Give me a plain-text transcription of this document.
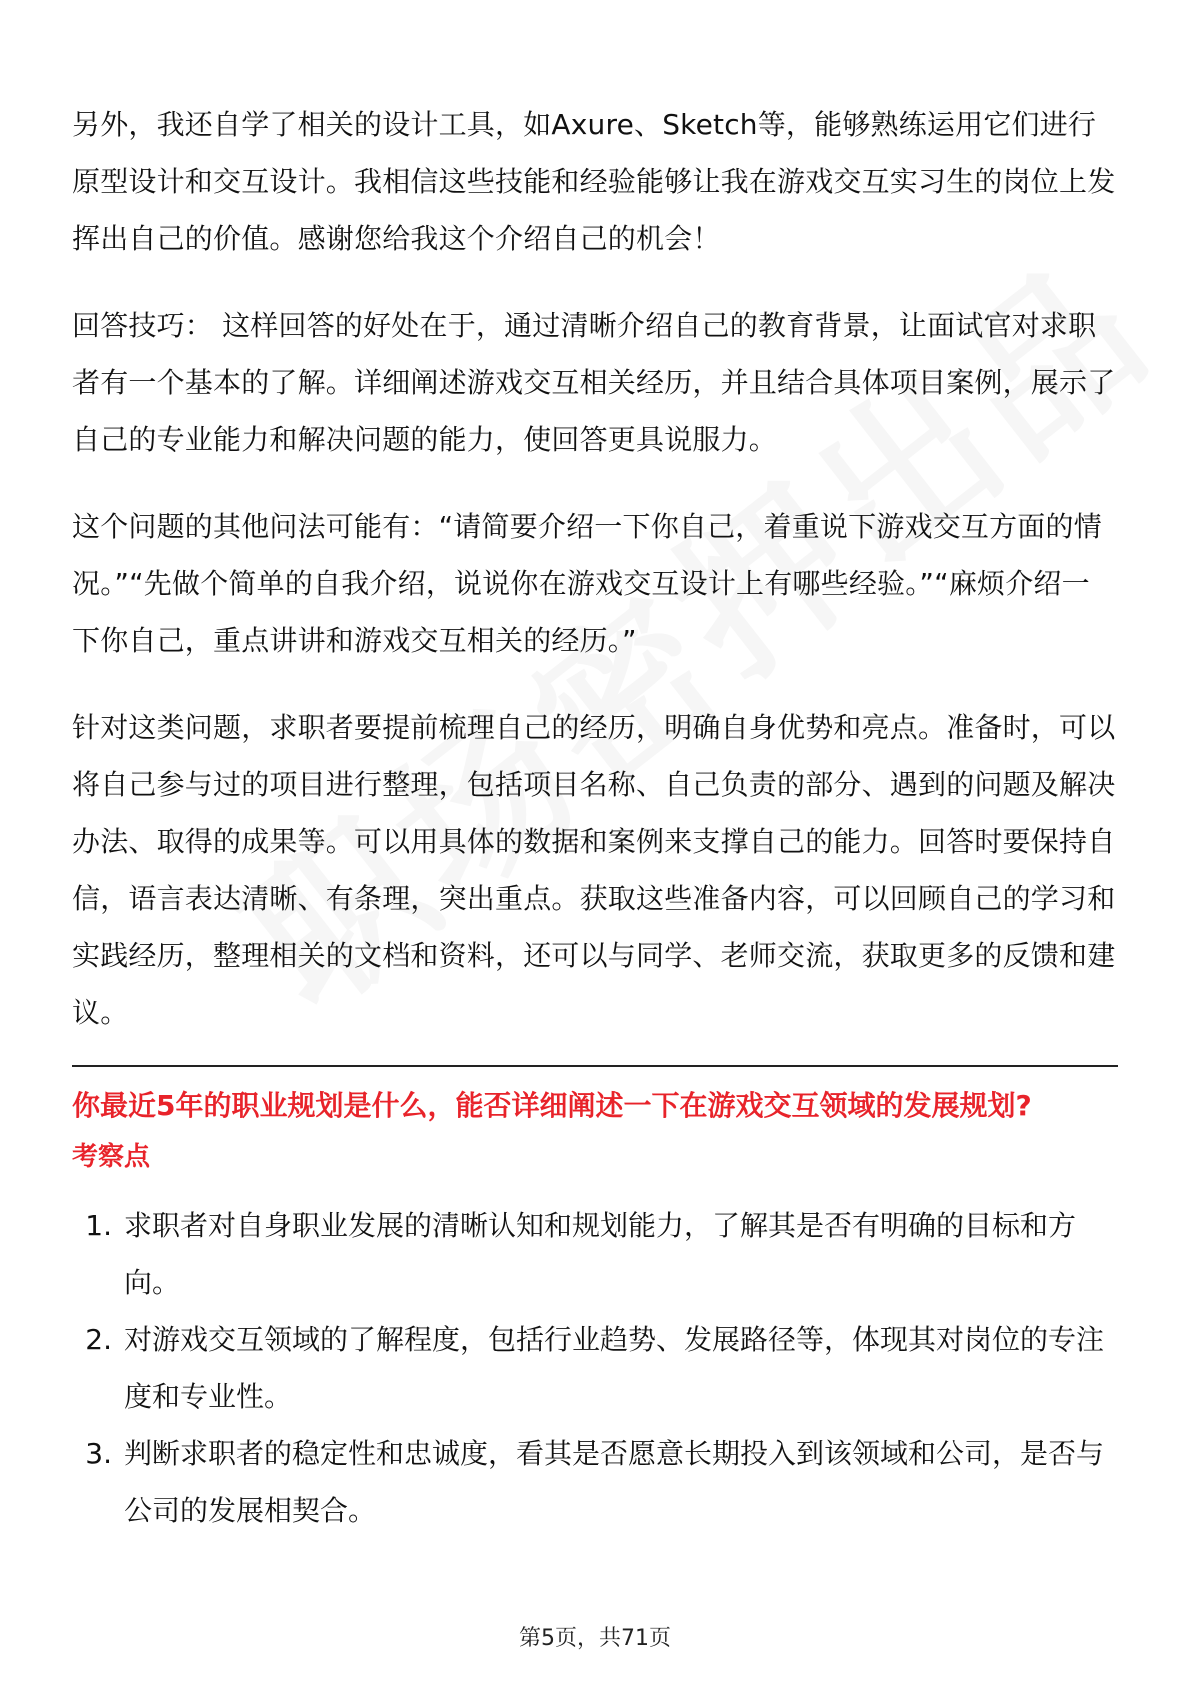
另外，我还自学了相关的设计工具，如Axure、Sketch等，能够熟练运用它们进行原型设计和交互设计。我相信这些技能和经验能够让我在游戏交互实习生的岗位上发挥出自己的价值。感谢您给我这个介绍自己的机会！

回答技巧： 这样回答的好处在于，通过清晰介绍自己的教育背景，让面试官对求职者有一个基本的了解。详细阐述游戏交互相关经历，并且结合具体项目案例，展示了自己的专业能力和解决问题的能力，使回答更具说服力。

这个问题的其他问法可能有：“请简要介绍一下你自己，着重说下游戏交互方面的情况。”“先做个简单的自我介绍，说说你在游戏交互设计上有哪些经验。”“麻烦介绍一下你自己，重点讲讲和游戏交互相关的经历。”

针对这类问题，求职者要提前梳理自己的经历，明确自身优势和亮点。准备时，可以将自己参与过的项目进行整理，包括项目名称、自己负责的部分、遇到的问题及解决办法、取得的成果等。可以用具体的数据和案例来支撑自己的能力。回答时要保持自信，语言表达清晰、有条理，突出重点。获取这些准备内容，可以回顾自己的学习和实践经历，整理相关的文档和资料，还可以与同学、老师交流，获取更多的反馈和建议。

你最近5年的职业规划是什么，能否详细阐述一下在游戏交互领域的发展规划?

考察点

1. 求职者对自身职业发展的清晰认知和规划能力，了解其是否有明确的目标和方向。
2. 对游戏交互领域的了解程度，包括行业趋势、发展路径等，体现其对岗位的专注度和专业性。
3. 判断求职者的稳定性和忠诚度，看其是否愿意长期投入到该领域和公司，是否与公司的发展相契合。
第5页，共71页
